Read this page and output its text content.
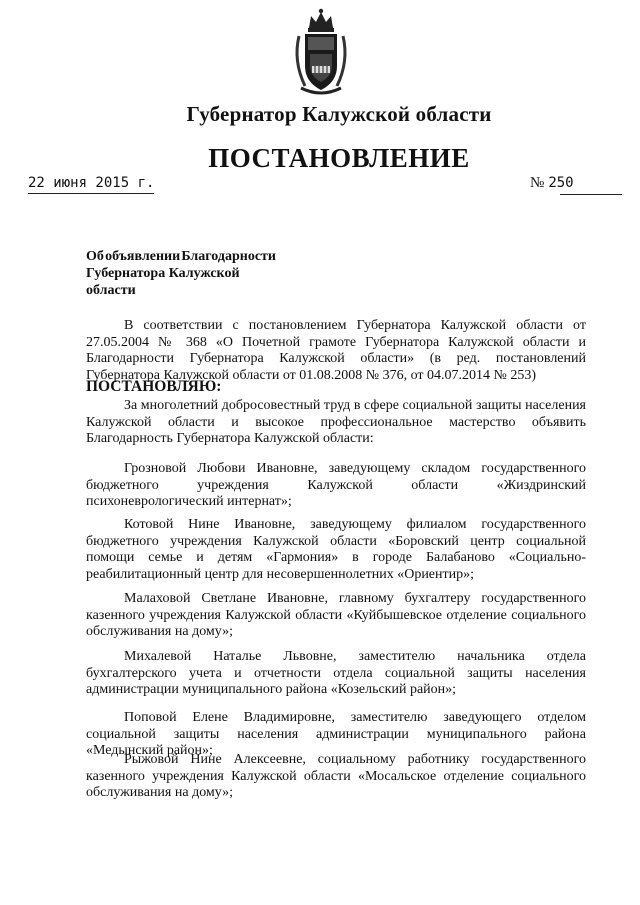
Губернатор Калужской области
ПОСТАНОВЛЕНИЕ
22 июня 2015 г.	№ 250
Об объявлении Благодарности
Губернатора Калужской области

В соответствии с постановлением Губернатора Калужской области от 27.05.2004 № 368 «О Почетной грамоте Губернатора Калужской области и Благодарности Губернатора Калужской области» (в ред. постановлений Губернатора Калужской области от 01.08.2008 № 376, от 04.07.2014 № 253)

ПОСТАНОВЛЯЮ:

За многолетний добросовестный труд в сфере социальной защиты населения Калужской области и высокое профессиональное мастерство объявить Благодарность Губернатора Калужской области:

Грозновой Любови Ивановне, заведующему складом государственного бюджетного учреждения Калужской области «Жиздринский психоневрологический интернат»;

Котовой Нине Ивановне, заведующему филиалом государственного бюджетного учреждения Калужской области «Боровский центр социальной помощи семье и детям «Гармония» в городе Балабаново «Социально-реабилитационный центр для несовершеннолетних «Ориентир»;

Малаховой Светлане Ивановне, главному бухгалтеру государственного казенного учреждения Калужской области «Куйбышевское отделение социального обслуживания на дому»;

Михалевой Наталье Львовне, заместителю начальника отдела бухгалтерского учета и отчетности отдела социальной защиты населения администрации муниципального района «Козельский район»;

Поповой Елене Владимировне, заместителю заведующего отделом социальной защиты населения администрации муниципального района «Медынский район»;

Рыжовой Нине Алексеевне, социальному работнику государственного казенного учреждения Калужской области «Мосальское отделение социального обслуживания на дому»;
